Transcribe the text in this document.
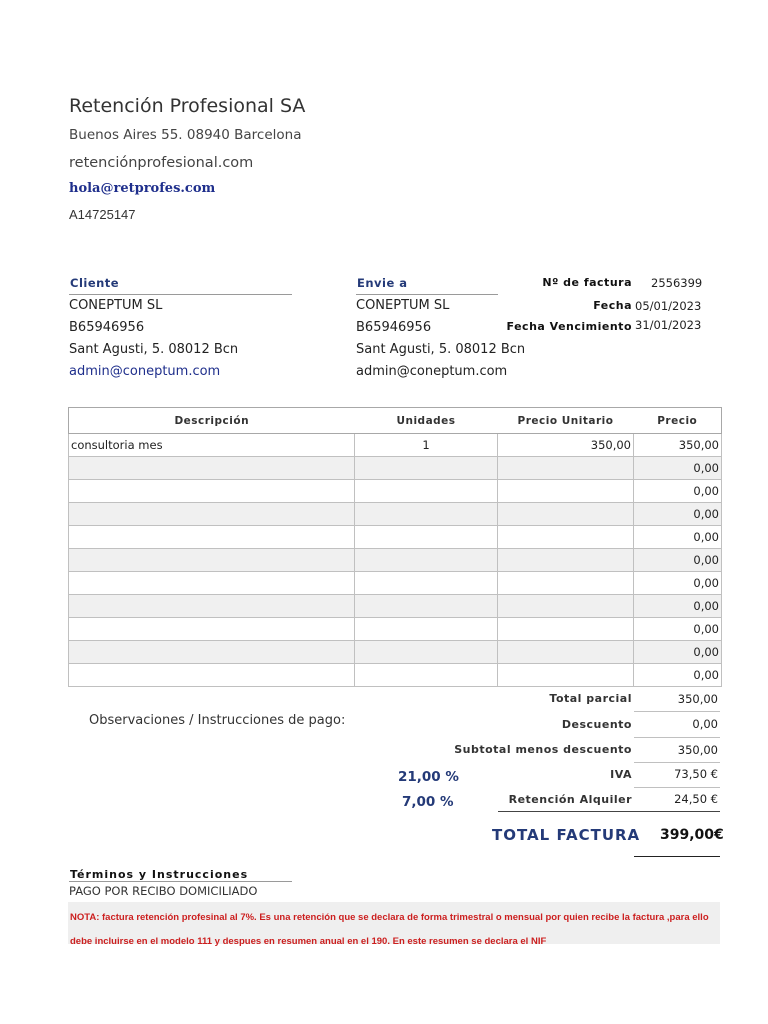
Retención Profesional SA
Buenos Aires 55. 08940 Barcelona
retenciónprofesional.com
hola@retprofes.com
A14725147
Cliente
CONEPTUM SL
B65946956
Sant Agusti, 5. 08012 Bcn
admin@coneptum.com
Envie a
CONEPTUM SL
B65946956
Sant Agusti, 5. 08012 Bcn
admin@coneptum.com
Nº de factura 2556399
Fecha 05/01/2023
Fecha Vencimiento 31/01/2023
Descripción	Unidades	Precio Unitario	Precio
consultoria mes	1	350,00	350,00
			0,00
			0,00
			0,00
			0,00
			0,00
			0,00
			0,00
			0,00
			0,00
			0,00
Observaciones / Instrucciones de pago:
Total parcial	350,00
Descuento	0,00
Subtotal menos descuento	350,00
21,00 %	IVA	73,50 €
7,00 %	Retención Alquiler	24,50 €
TOTAL FACTURA 399,00€
Términos y Instrucciones
PAGO POR RECIBO DOMICILIADO
NOTA: factura retención profesinal al 7%. Es una retención que se declara de forma trimestral o mensual por quien recibe la factura ,para ello debe incluirse en el modelo 111 y despues en resumen anual en el 190. En este resumen se declara el NIF
